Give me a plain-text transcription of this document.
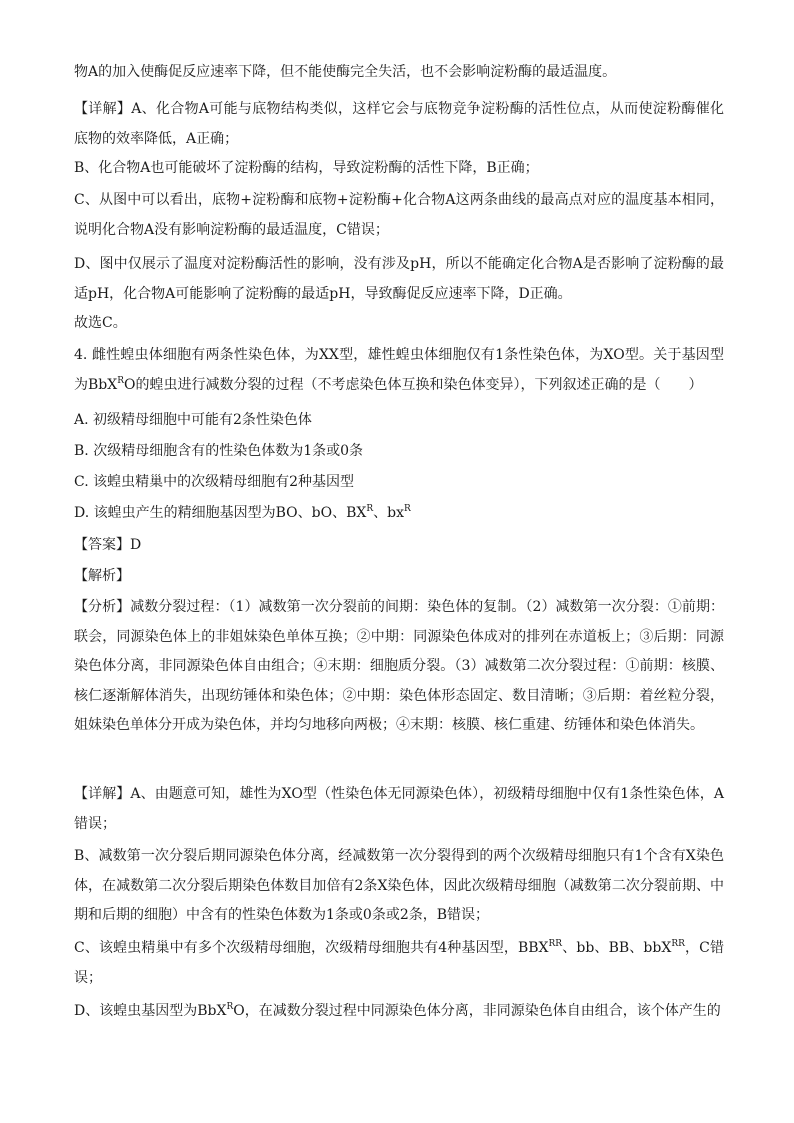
物A的加入使酶促反应速率下降，但不能使酶完全失活，也不会影响淀粉酶的最适温度。

【详解】A、化合物A可能与底物结构类似，这样它会与底物竞争淀粉酶的活性位点，从而使淀粉酶催化底物的效率降低，A正确；

B、化合物A也可能破坏了淀粉酶的结构，导致淀粉酶的活性下降，B正确；

C、从图中可以看出，底物+淀粉酶和底物+淀粉酶+化合物A这两条曲线的最高点对应的温度基本相同，说明化合物A没有影响淀粉酶的最适温度，C错误；

D、图中仅展示了温度对淀粉酶活性的影响，没有涉及pH，所以不能确定化合物A是否影响了淀粉酶的最适pH，化合物A可能影响了淀粉酶的最适pH，导致酶促反应速率下降，D正确。

故选C。

4. 雌性蝗虫体细胞有两条性染色体，为XX型，雄性蝗虫体细胞仅有1条性染色体，为XO型。关于基因型为BbX$^R$O的蝗虫进行减数分裂的过程（不考虑染色体互换和染色体变异），下列叙述正确的是（　　）

A. 初级精母细胞中可能有2条性染色体

B. 次级精母细胞含有的性染色体数为1条或0条

C. 该蝗虫精巢中的次级精母细胞有2种基因型

D. 该蝗虫产生的精细胞基因型为BO、bO、$BX^R$、$bx^R$

【答案】D

【解析】

【分析】减数分裂过程：（1）减数第一次分裂前的间期：染色体的复制。（2）减数第一次分裂：①前期：联会，同源染色体上的非姐妹染色单体互换；②中期：同源染色体成对的排列在赤道板上；③后期：同源染色体分离，非同源染色体自由组合；④末期：细胞质分裂。（3）减数第二次分裂过程：①前期：核膜、核仁逐渐解体消失，出现纺锤体和染色体；②中期：染色体形态固定、数目清晰；③后期：着丝粒分裂，姐妹染色单体分开成为染色体，并均匀地移向两极；④末期：核膜、核仁重建、纺锤体和染色体消失。

【详解】A、由题意可知，雄性为XO型（性染色体无同源染色体），初级精母细胞中仅有1条性染色体，A错误；

B、减数第一次分裂后期同源染色体分离，经减数第一次分裂得到的两个次级精母细胞只有1个含有X染色体，在减数第二次分裂后期染色体数目加倍有2条X染色体，因此次级精母细胞（减数第二次分裂前期、中期和后期的细胞）中含有的性染色体数为1条或0条或2条，B错误；

C、该蝗虫精巢中有多个次级精母细胞，次级精母细胞共有4种基因型，$BBX^{RR}$、bb、BB、bbX$^{RR}$，C错误；

D、该蝗虫基因型为BbX$^R$O，在减数分裂过程中同源染色体分离，非同源染色体自由组合，该个体产生的
